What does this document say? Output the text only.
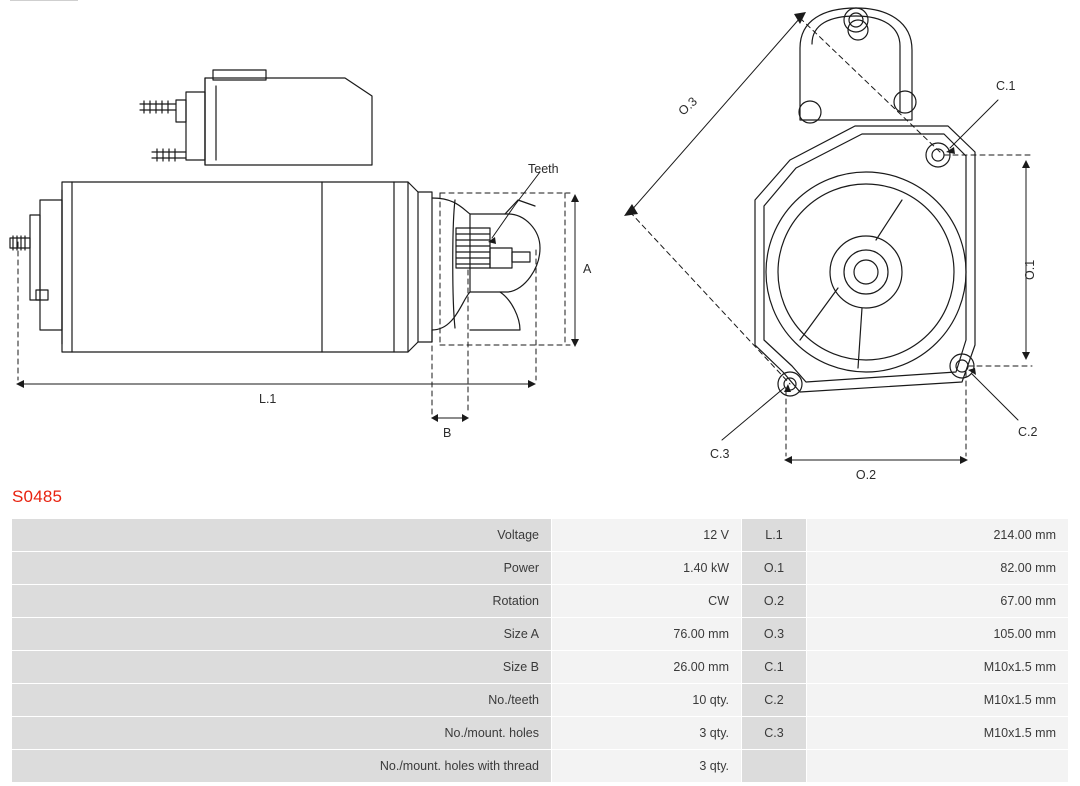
Teeth
A
L.1
B
O.3
O.1
O.2
C.1
C.2
C.3
S0485
Voltage	12 V	L.1	214.00 mm
Power	1.40 kW	O.1	82.00 mm
Rotation	CW	O.2	67.00 mm
Size A	76.00 mm	O.3	105.00 mm
Size B	26.00 mm	C.1	M10x1.5 mm
No./teeth	10 qty.	C.2	M10x1.5 mm
No./mount. holes	3 qty.	C.3	M10x1.5 mm
No./mount. holes with thread	3 qty.		
